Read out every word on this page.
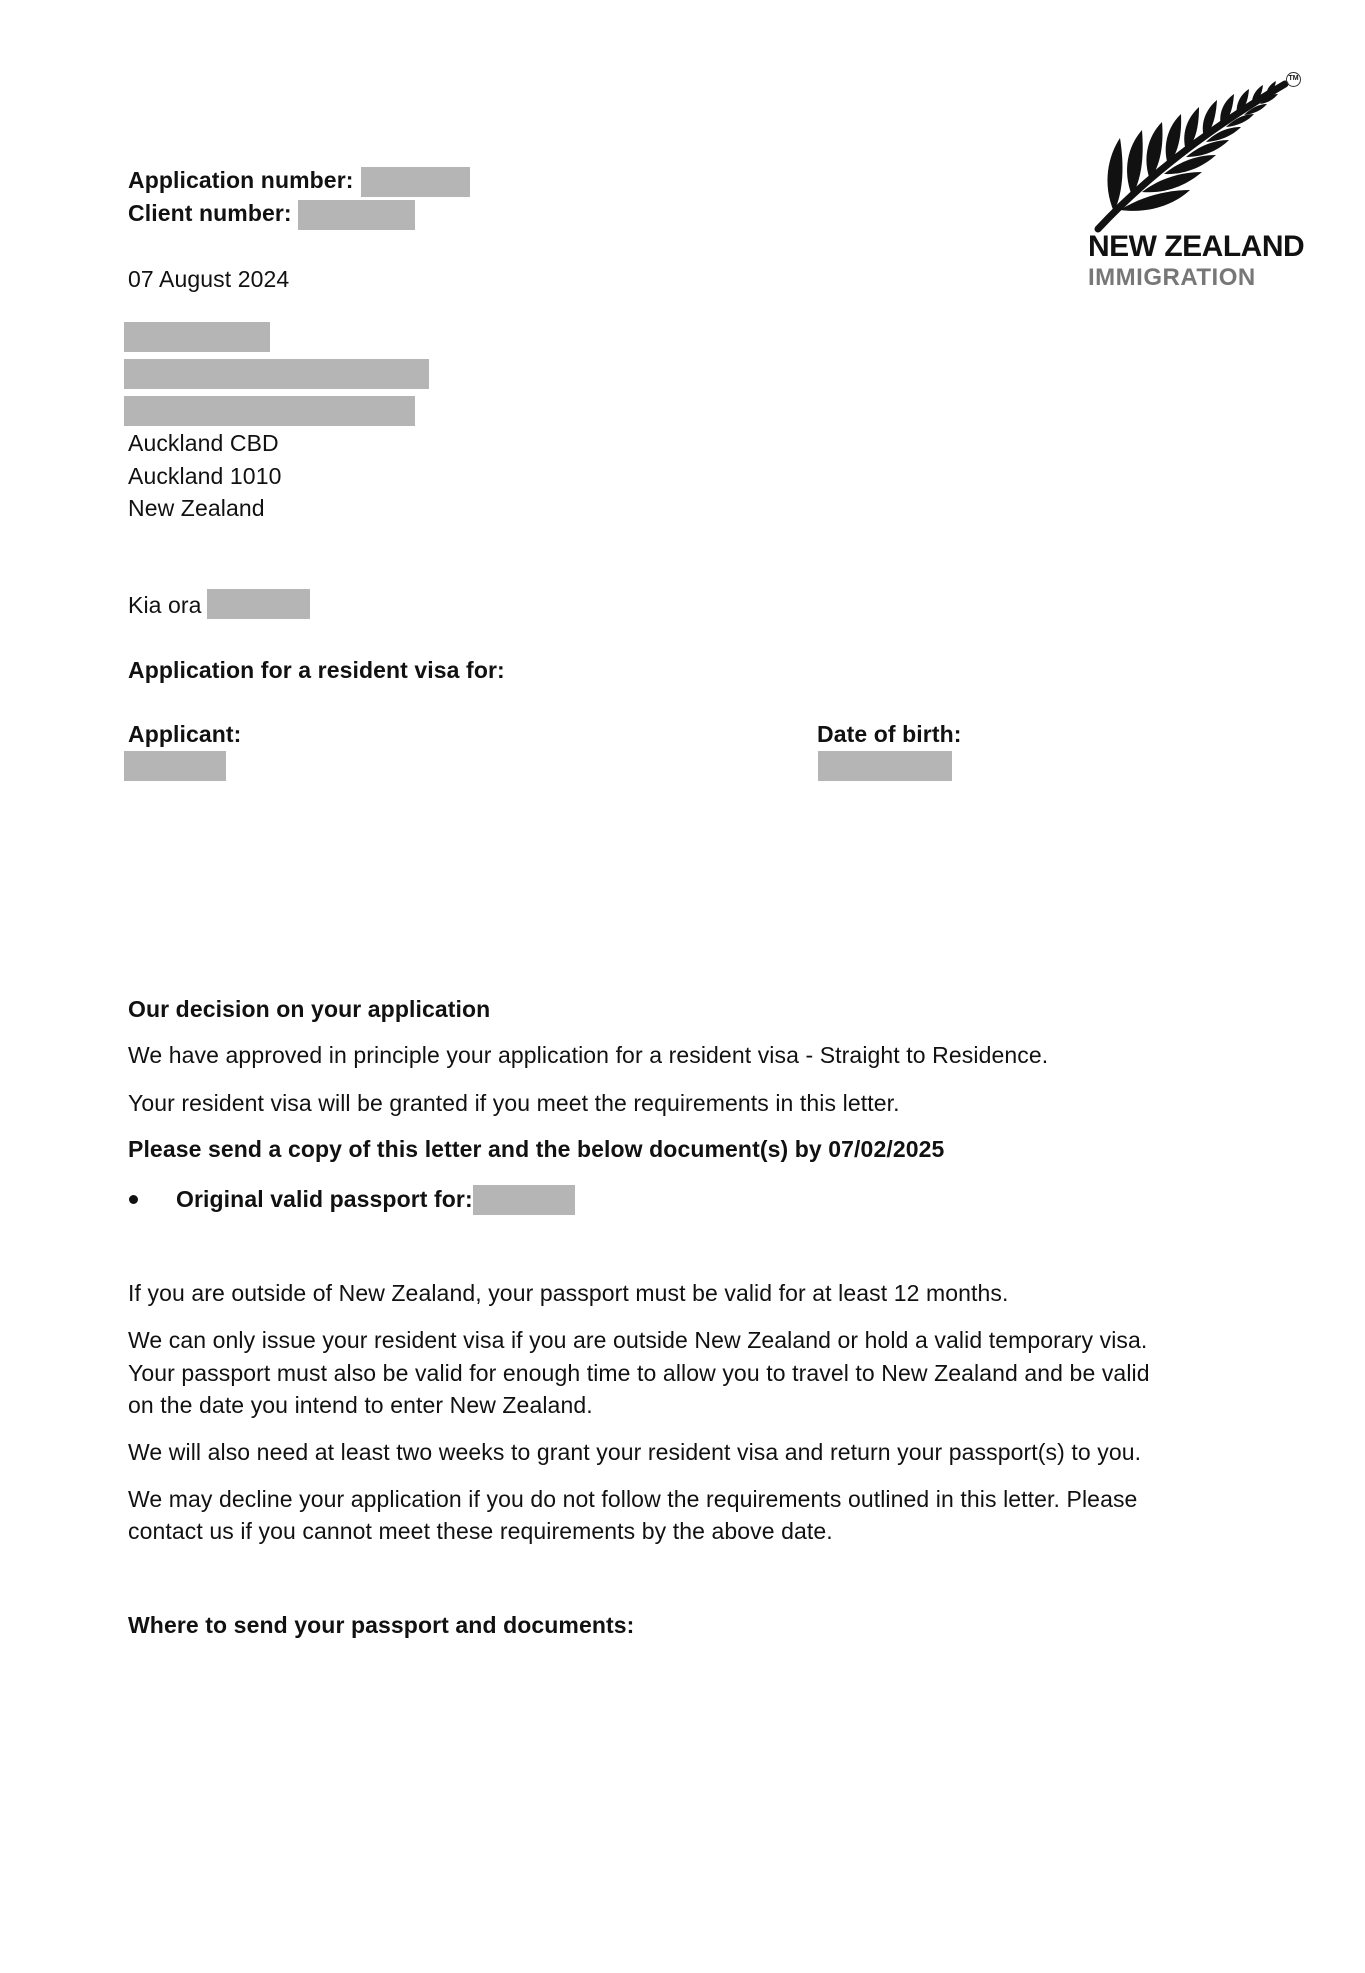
TM
NEW ZEALAND
IMMIGRATION
Application number:
Client number:
07 August 2024
Auckland CBD
Auckland 1010
New Zealand
Kia ora
Application for a resident visa for:
Applicant:	Date of birth:
Our decision on your application
We have approved in principle your application for a resident visa - Straight to Residence.
Your resident visa will be granted if you meet the requirements in this letter.
Please send a copy of this letter and the below document(s) by 07/02/2025
Original valid passport for:
If you are outside of New Zealand, your passport must be valid for at least 12 months.
We can only issue your resident visa if you are outside New Zealand or hold a valid temporary visa.
Your passport must also be valid for enough time to allow you to travel to New Zealand and be valid
on the date you intend to enter New Zealand.
We will also need at least two weeks to grant your resident visa and return your passport(s) to you.
We may decline your application if you do not follow the requirements outlined in this letter. Please
contact us if you cannot meet these requirements by the above date.
Where to send your passport and documents:
